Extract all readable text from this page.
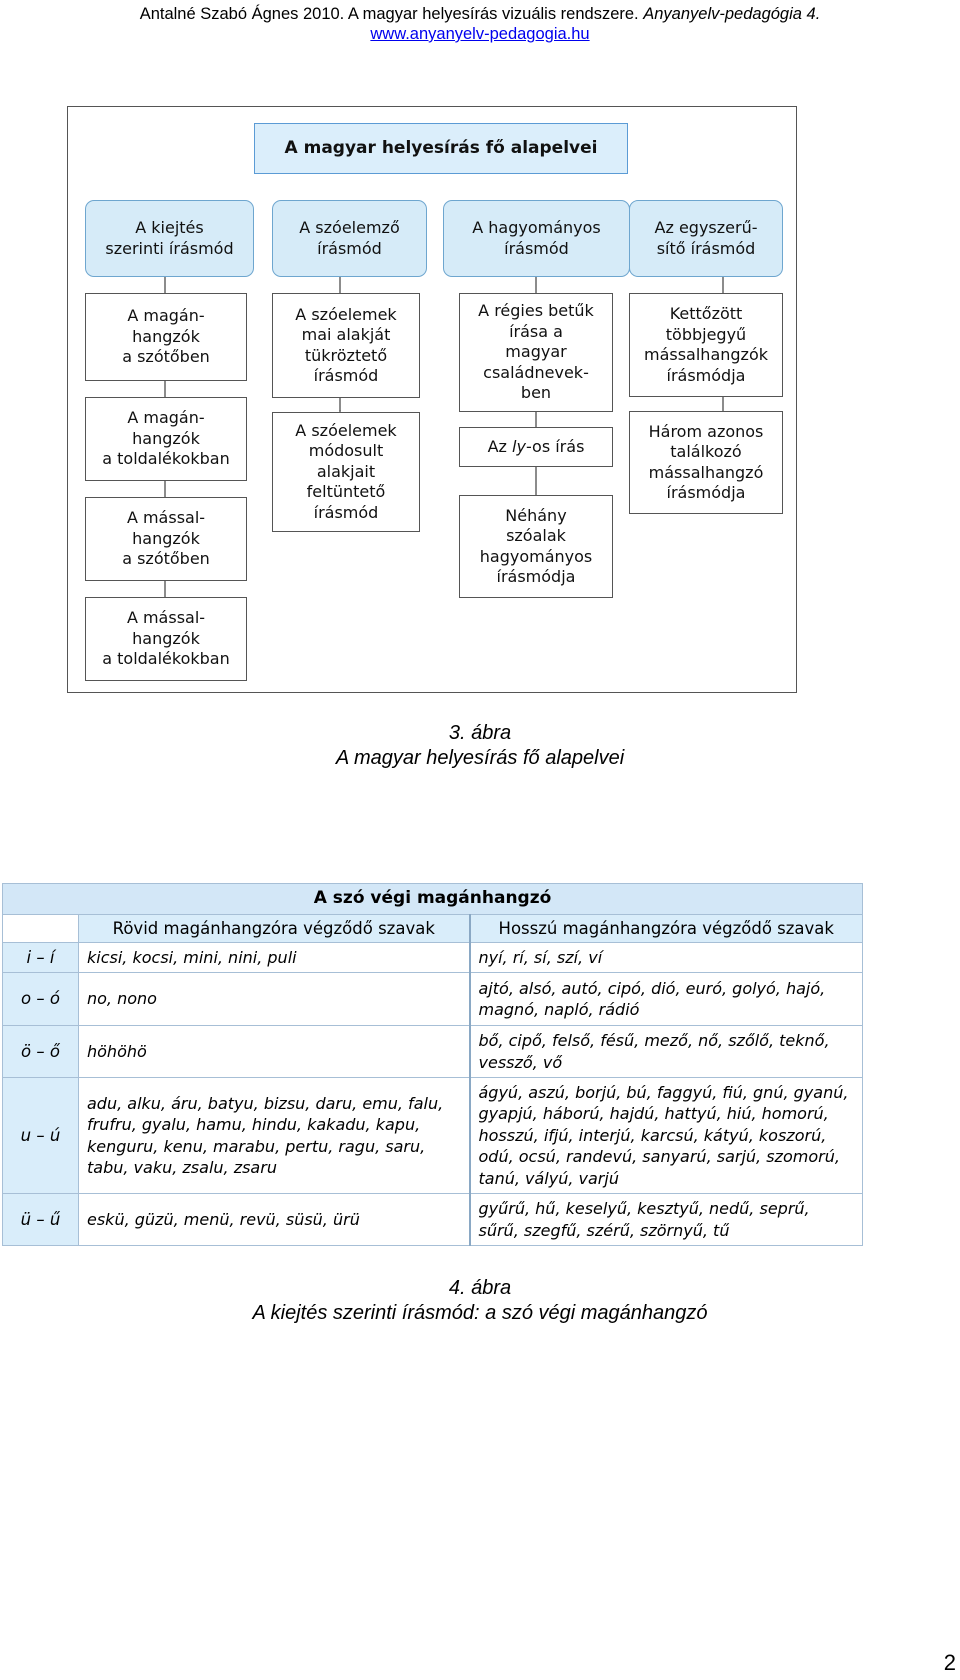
Antalné Szabó Ágnes 2010. A magyar helyesírás vizuális rendszere. Anyanyelv-pedagógia 4.
www.anyanyelv-pedagogia.hu
A magyar helyesírás fő alapelvei
A kiejtés
szerinti írásmód
A szóelemző
írásmód
A hagyományos
írásmód
Az egyszerű-
sítő írásmód
A magán-
hangzók
a szótőben
A magán-
hangzók
a toldalékokban
A mással-
hangzók
a szótőben
A mással-
hangzók
a toldalékokban
A szóelemek
mai alakját
tükröztető
írásmód
A szóelemek
módosult
alakjait
feltüntető
írásmód
A régies betűk
írása a
magyar
családnevek-
ben
Az ly-os írás
Néhány
szóalak
hagyományos
írásmódja
Kettőzött
többjegyű
mássalhangzók
írásmódja
Három azonos
találkozó
mássalhangzó
írásmódja
3. ábra
A magyar helyesírás fő alapelvei
A szó végi magánhangzó		
	Rövid magánhangzóra végződő szavak	Hosszú magánhangzóra végződő szavak
i – í	kicsi, kocsi, mini, nini, puli	nyí, rí, sí, szí, ví
o – ó	no, nono	ajtó, alsó, autó, cipó, dió, euró, golyó, hajó, magnó, napló, rádió
ö – ő	höhöhö	bő, cipő, felső, fésű, mező, nő, szőlő, teknő, vessző, vő
u – ú	adu, alku, áru, batyu, bizsu, daru, emu, falu, frufru, gyalu, hamu, hindu, kakadu, kapu, kenguru, kenu, marabu, pertu, ragu, saru, tabu, vaku, zsalu, zsaru	ágyú, aszú, borjú, bú, faggyú, fiú, gnú, gyanú, gyapjú, háború, hajdú, hattyú, hiú, homorú, hosszú, ifjú, interjú, karcsú, kátyú, koszorú, odú, ocsú, randevú, sanyarú, sarjú, szomorú, tanú, vályú, varjú
ü – ű	eskü, güzü, menü, revü, süsü, ürü	gyűrű, hű, keselyű, kesztyű, nedű, seprű, sűrű, szegfű, szérű, szörnyű, tű
4. ábra
A kiejtés szerinti írásmód: a szó végi magánhangzó
2
